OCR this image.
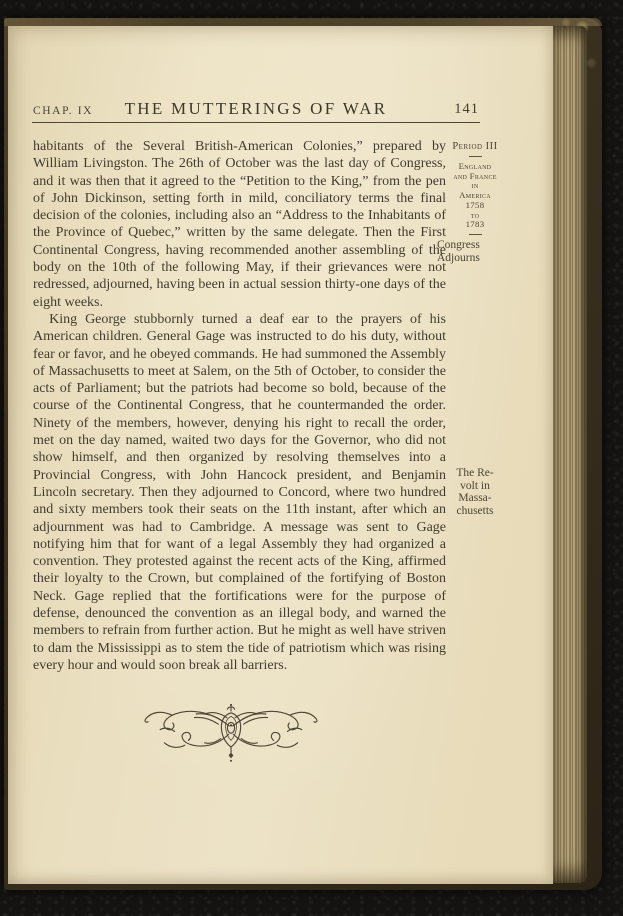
CHAP. IX	THE MUTTERINGS OF WAR	141

habitants of the Several British-American Colonies,” prepared by William Livingston. The 26th of October was the last day of Congress, and it was then that it agreed to the “Petition to the King,” from the pen of John Dickinson, setting forth in mild, conciliatory terms the final decision of the colonies, including also an “Address to the Inhabitants of the Province of Quebec,” written by the same delegate. Then the First Continental Congress, having recommended another assembling of the body on the 10th of the following May, if their grievances were not redressed, adjourned, having been in actual session thirty-one days of the eight weeks.

King George stubbornly turned a deaf ear to the prayers of his American children. General Gage was instructed to do his duty, without fear or favor, and he obeyed commands. He had summoned the Assembly of Massachusetts to meet at Salem, on the 5th of October, to consider the acts of Parliament; but the patriots had become so bold, because of the course of the Continental Congress, that he countermanded the order. Ninety of the members, however, denying his right to recall the order, met on the day named, waited two days for the Governor, who did not show himself, and then organized by resolving themselves into a Provincial Congress, with John Hancock president, and Benjamin Lincoln secretary. Then they adjourned to Concord, where two hundred and sixty members took their seats on the 11th instant, after which an adjournment was had to Cambridge. A message was sent to Gage notifying him that for want of a legal Assembly they had organized a convention. They protested against the recent acts of the King, affirmed their loyalty to the Crown, but complained of the fortifying of Boston Neck. Gage replied that the fortifications were for the purpose of defense, denounced the convention as an illegal body, and warned the members to refrain from further action. But he might as well have striven to dam the Mississippi as to stem the tide of patriotism which was rising every hour and would soon break all barriers.

Period III
England
and France
in
America
1758
to
1783
Congress
Adjourns
The Re-
volt in
Massa-
chusetts
